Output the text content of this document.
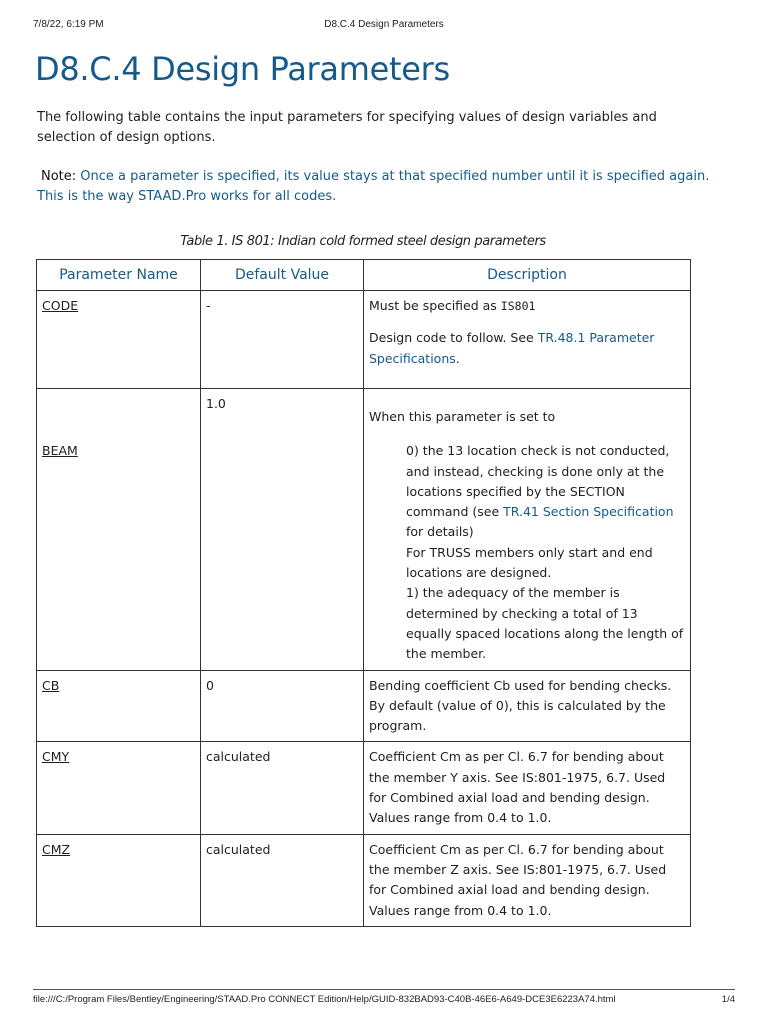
7/8/22, 6:19 PM	D8.C.4 Design Parameters
D8.C.4 Design Parameters

The following table contains the input parameters for specifying values of design variables and selection of design options.

Note: Once a parameter is specified, its value stays at that specified number until it is specified again. This is the way STAAD.Pro works for all codes.

Table 1. IS 801: Indian cold formed steel design parameters
Parameter Name	Default Value	Description
CODE	-	Must be specified as IS801

Design code to follow. See TR.48.1 Parameter Specifications.

BEAM	1.0	When this parameter is set to
0) the 13 location check is not conducted, and instead, checking is done only at the locations specified by the SECTION command (see TR.41 Section Specification for details)
For TRUSS members only start and end locations are designed.
1) the adequacy of the member is determined by checking a total of 13 equally spaced locations along the length of the member.

CB	0	Bending coefficient Cb used for bending checks. By default (value of 0), this is calculated by the program.
CMY	calculated	Coefficient Cm as per Cl. 6.7 for bending about the member Y axis. See IS:801-1975, 6.7. Used for Combined axial load and bending design. Values range from 0.4 to 1.0.
CMZ	calculated	Coefficient Cm as per Cl. 6.7 for bending about the member Z axis. See IS:801-1975, 6.7. Used for Combined axial load and bending design. Values range from 0.4 to 1.0.
file:///C:/Program Files/Bentley/Engineering/STAAD.Pro CONNECT Edition/Help/GUID-832BAD93-C40B-46E6-A649-DCE3E6223A74.html	1/4
